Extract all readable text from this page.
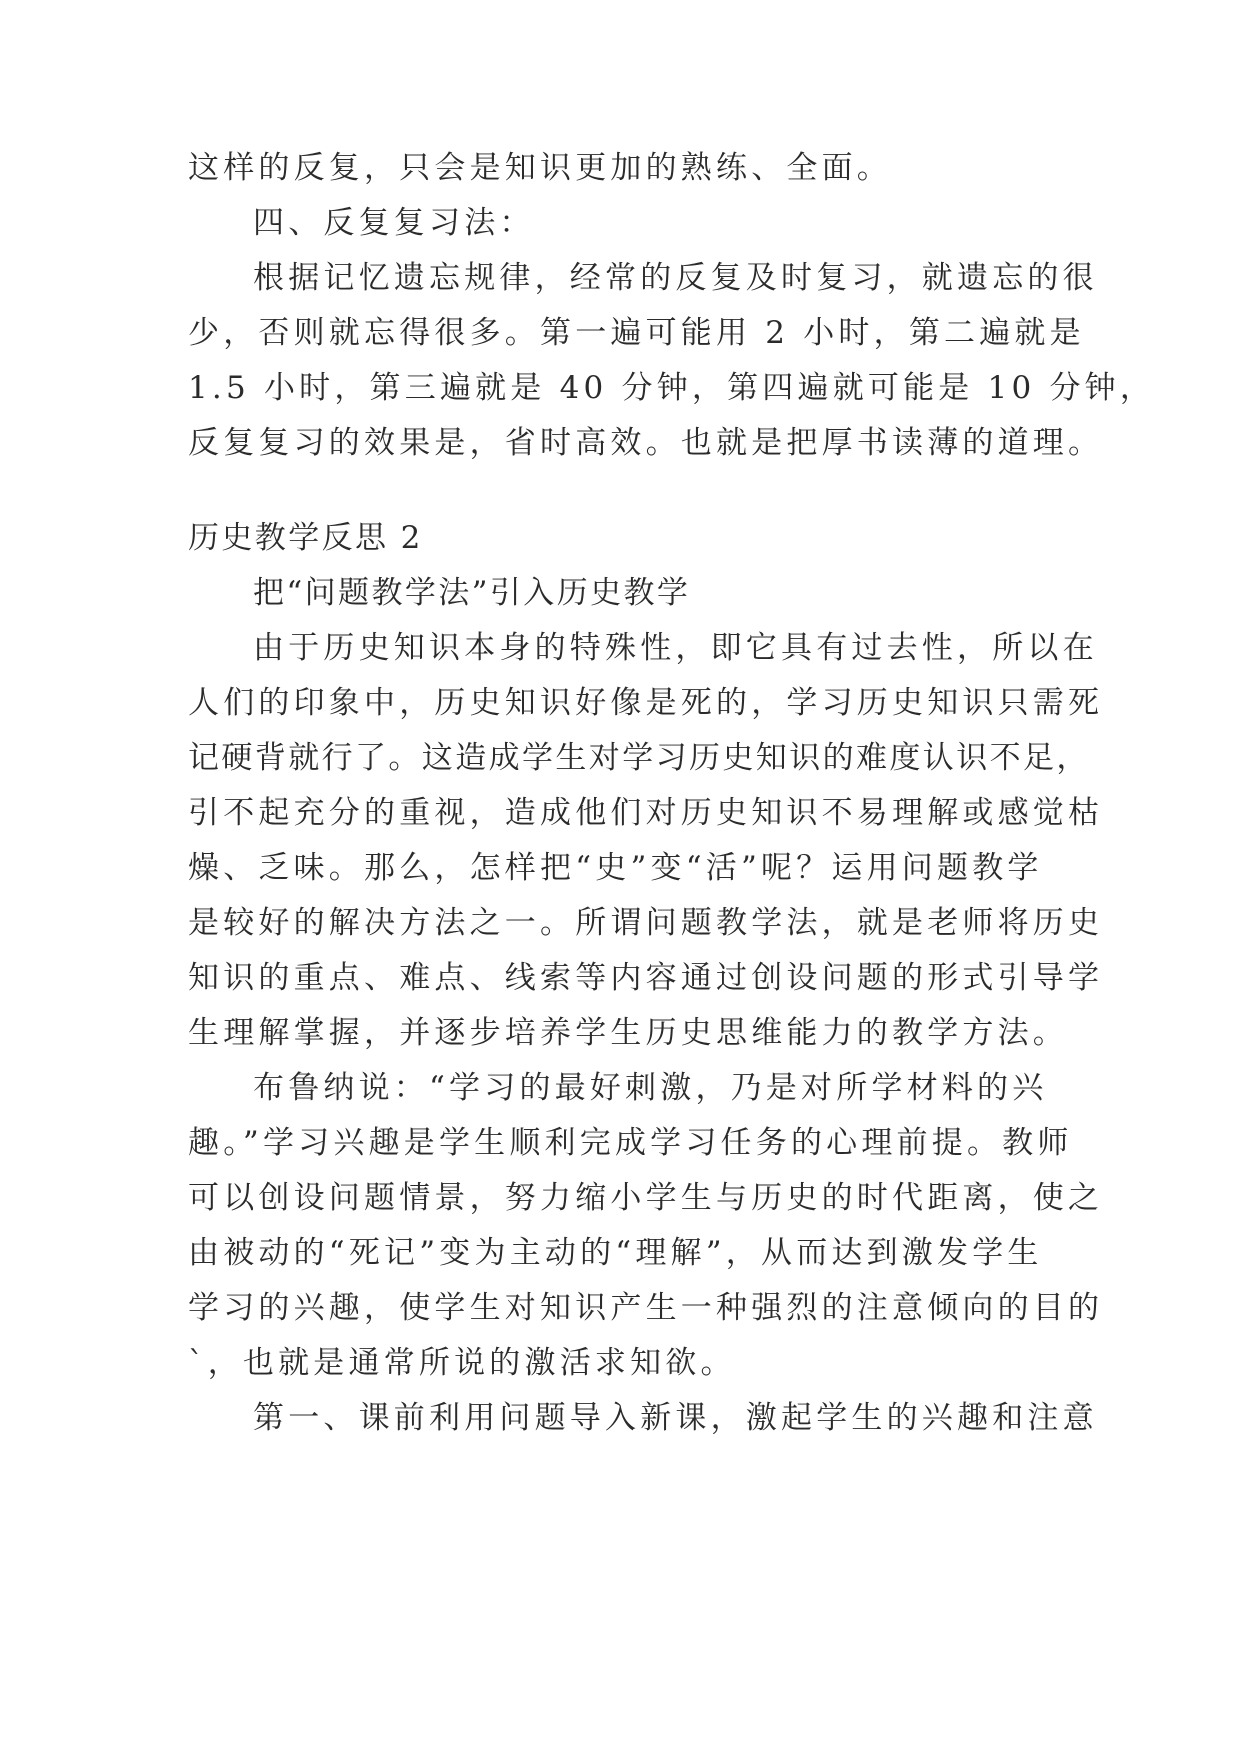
这样的反复，只会是知识更加的熟练、全面。

四、反复复习法：

根据记忆遗忘规律，经常的反复及时复习，就遗忘的很

少，否则就忘得很多。第一遍可能用 2 小时，第二遍就是

1.5 小时，第三遍就是 40 分钟，第四遍就可能是 10 分钟，

反复复习的效果是，省时高效。也就是把厚书读薄的道理。

历史教学反思 2

把“问题教学法”引入历史教学

由于历史知识本身的特殊性，即它具有过去性，所以在

人们的印象中，历史知识好像是死的，学习历史知识只需死

记硬背就行了。这造成学生对学习历史知识的难度认识不足，

引不起充分的重视，造成他们对历史知识不易理解或感觉枯

燥、乏味。那么，怎样把“史”变“活”呢？运用问题教学

是较好的解决方法之一。所谓问题教学法，就是老师将历史

知识的重点、难点、线索等内容通过创设问题的形式引导学

生理解掌握，并逐步培养学生历史思维能力的教学方法。

布鲁纳说：“学习的最好刺激，乃是对所学材料的兴

趣。”学习兴趣是学生顺利完成学习任务的心理前提。教师

可以创设问题情景，努力缩小学生与历史的时代距离，使之

由被动的“死记”变为主动的“理解”，从而达到激发学生

学习的兴趣，使学生对知识产生一种强烈的注意倾向的目的

`，也就是通常所说的激活求知欲。

第一、课前利用问题导入新课，激起学生的兴趣和注意
